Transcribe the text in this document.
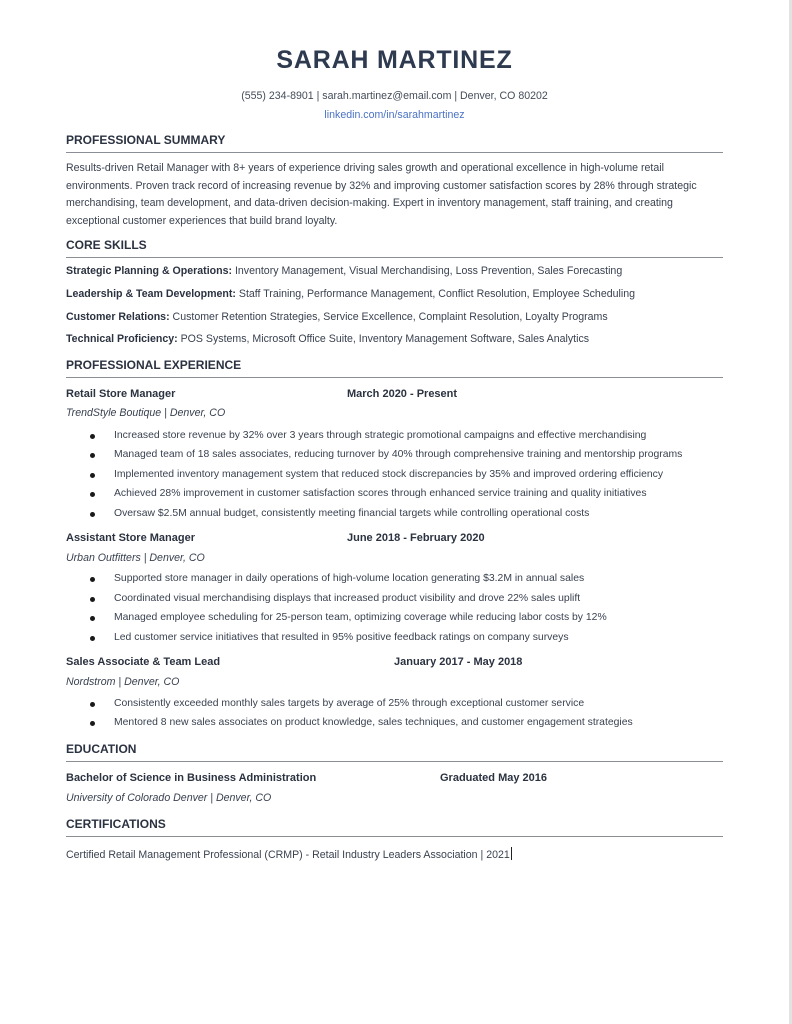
SARAH MARTINEZ
(555) 234-8901 | sarah.martinez@email.com | Denver, CO 80202
linkedin.com/in/sarahmartinez
PROFESSIONAL SUMMARY
Results-driven Retail Manager with 8+ years of experience driving sales growth and operational excellence in high-volume retail environments. Proven track record of increasing revenue by 32% and improving customer satisfaction scores by 28% through strategic merchandising, team development, and data-driven decision-making. Expert in inventory management, staff training, and creating exceptional customer experiences that build brand loyalty.
CORE SKILLS
Strategic Planning & Operations: Inventory Management, Visual Merchandising, Loss Prevention, Sales Forecasting
Leadership & Team Development: Staff Training, Performance Management, Conflict Resolution, Employee Scheduling
Customer Relations: Customer Retention Strategies, Service Excellence, Complaint Resolution, Loyalty Programs
Technical Proficiency: POS Systems, Microsoft Office Suite, Inventory Management Software, Sales Analytics
PROFESSIONAL EXPERIENCE
Retail Store Manager	March 2020 - Present
TrendStyle Boutique | Denver, CO
Increased store revenue by 32% over 3 years through strategic promotional campaigns and effective merchandising
Managed team of 18 sales associates, reducing turnover by 40% through comprehensive training and mentorship programs
Implemented inventory management system that reduced stock discrepancies by 35% and improved ordering efficiency
Achieved 28% improvement in customer satisfaction scores through enhanced service training and quality initiatives
Oversaw $2.5M annual budget, consistently meeting financial targets while controlling operational costs
Assistant Store Manager	June 2018 - February 2020
Urban Outfitters | Denver, CO
Supported store manager in daily operations of high-volume location generating $3.2M in annual sales
Coordinated visual merchandising displays that increased product visibility and drove 22% sales uplift
Managed employee scheduling for 25-person team, optimizing coverage while reducing labor costs by 12%
Led customer service initiatives that resulted in 95% positive feedback ratings on company surveys
Sales Associate & Team Lead	January 2017 - May 2018
Nordstrom | Denver, CO
Consistently exceeded monthly sales targets by average of 25% through exceptional customer service
Mentored 8 new sales associates on product knowledge, sales techniques, and customer engagement strategies
EDUCATION
Bachelor of Science in Business Administration	Graduated May 2016
University of Colorado Denver | Denver, CO
CERTIFICATIONS
Certified Retail Management Professional (CRMP) - Retail Industry Leaders Association | 2021
